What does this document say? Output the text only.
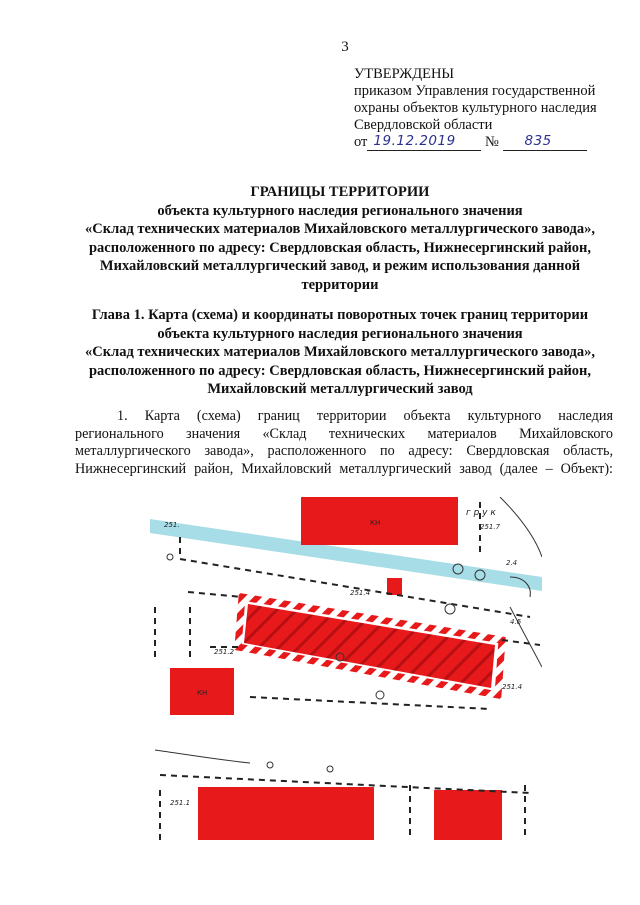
3
УТВЕРЖДЕНЫ
приказом Управления государственной
охраны объектов культурного наследия
Свердловской области
от 19.12.2019 № 835
ГРАНИЦЫ ТЕРРИТОРИИ
объекта культурного наследия регионального значения
«Склад технических материалов Михайловского металлургического завода»,
расположенного по адресу: Свердловская область, Нижнесергинский район,
Михайловский металлургический завод, и режим использования данной
территории
Глава 1. Карта (схема) и координаты поворотных точек границ территории
объекта культурного наследия регионального значения
«Склад технических материалов Михайловского металлургического завода»,
расположенного по адресу: Свердловская область, Нижнесергинский район,
Михайловский металлургический завод
1. Карта (схема) границ территории объекта культурного наследия
регионального значения «Склад технических материалов Михайловского
металлургического завода», расположенного по адресу: Свердловская область,
Нижнесергинский район, Михайловский металлургический завод (далее – Объект):
КН
КН
г р у к
251.7
251.4
251.2
251.4
4.6
2.4
251.
251.1
